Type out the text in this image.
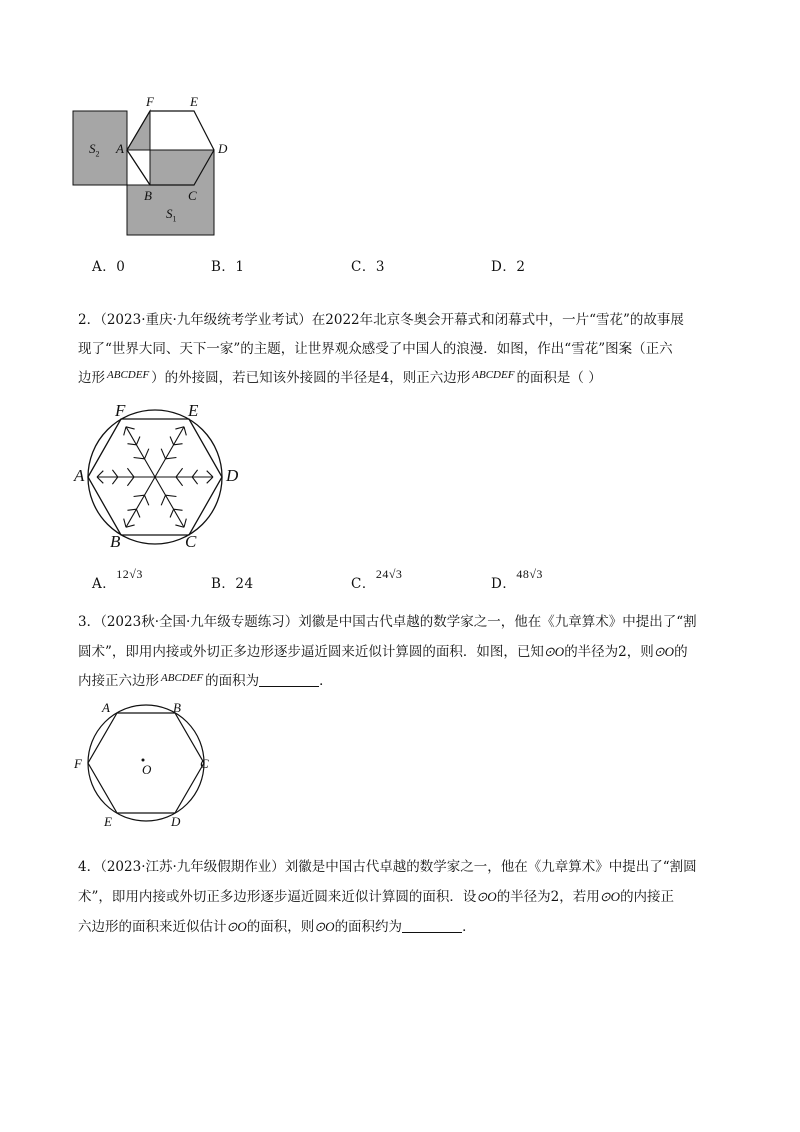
F	E
A	D
B	C
$S_2$
$S_1$
A．0	B．1	C．3	D．2
2．（2023·重庆·九年级统考学业考试）在2022年北京冬奥会开幕式和闭幕式中，一片“雪花”的故事展
现了“世界大同、天下一家”的主题，让世界观众感受了中国人的浪漫．如图，作出“雪花”图案（正六
边形 $^{ABCDEF}$ ）的外接圆，若已知该外接圆的半径是4，则正六边形 $^{ABCDEF}$ 的面积是（ ）
F	E
A	D
B	C
A．12√3
B．24	C．24√3
D．48√3
3．（2023秋·全国·九年级专题练习）刘徽是中国古代卓越的数学家之一，他在《九章算术》中提出了“割
圆术”，即用内接或外切正多边形逐步逼近圆来近似计算圆的面积．如图，已知⊙O的半径为2，则⊙O的
内接正六边形 $^{ABCDEF}$ 的面积为	．
A	B
C
D
E
F	O
4．（2023·江苏·九年级假期作业）刘徽是中国古代卓越的数学家之一，他在《九章算术》中提出了“割圆
术”，即用内接或外切正多边形逐步逼近圆来近似计算圆的面积．设⊙O的半径为2，若用⊙O的内接正
六边形的面积来近似估计⊙O的面积，则⊙O的面积约为	．
